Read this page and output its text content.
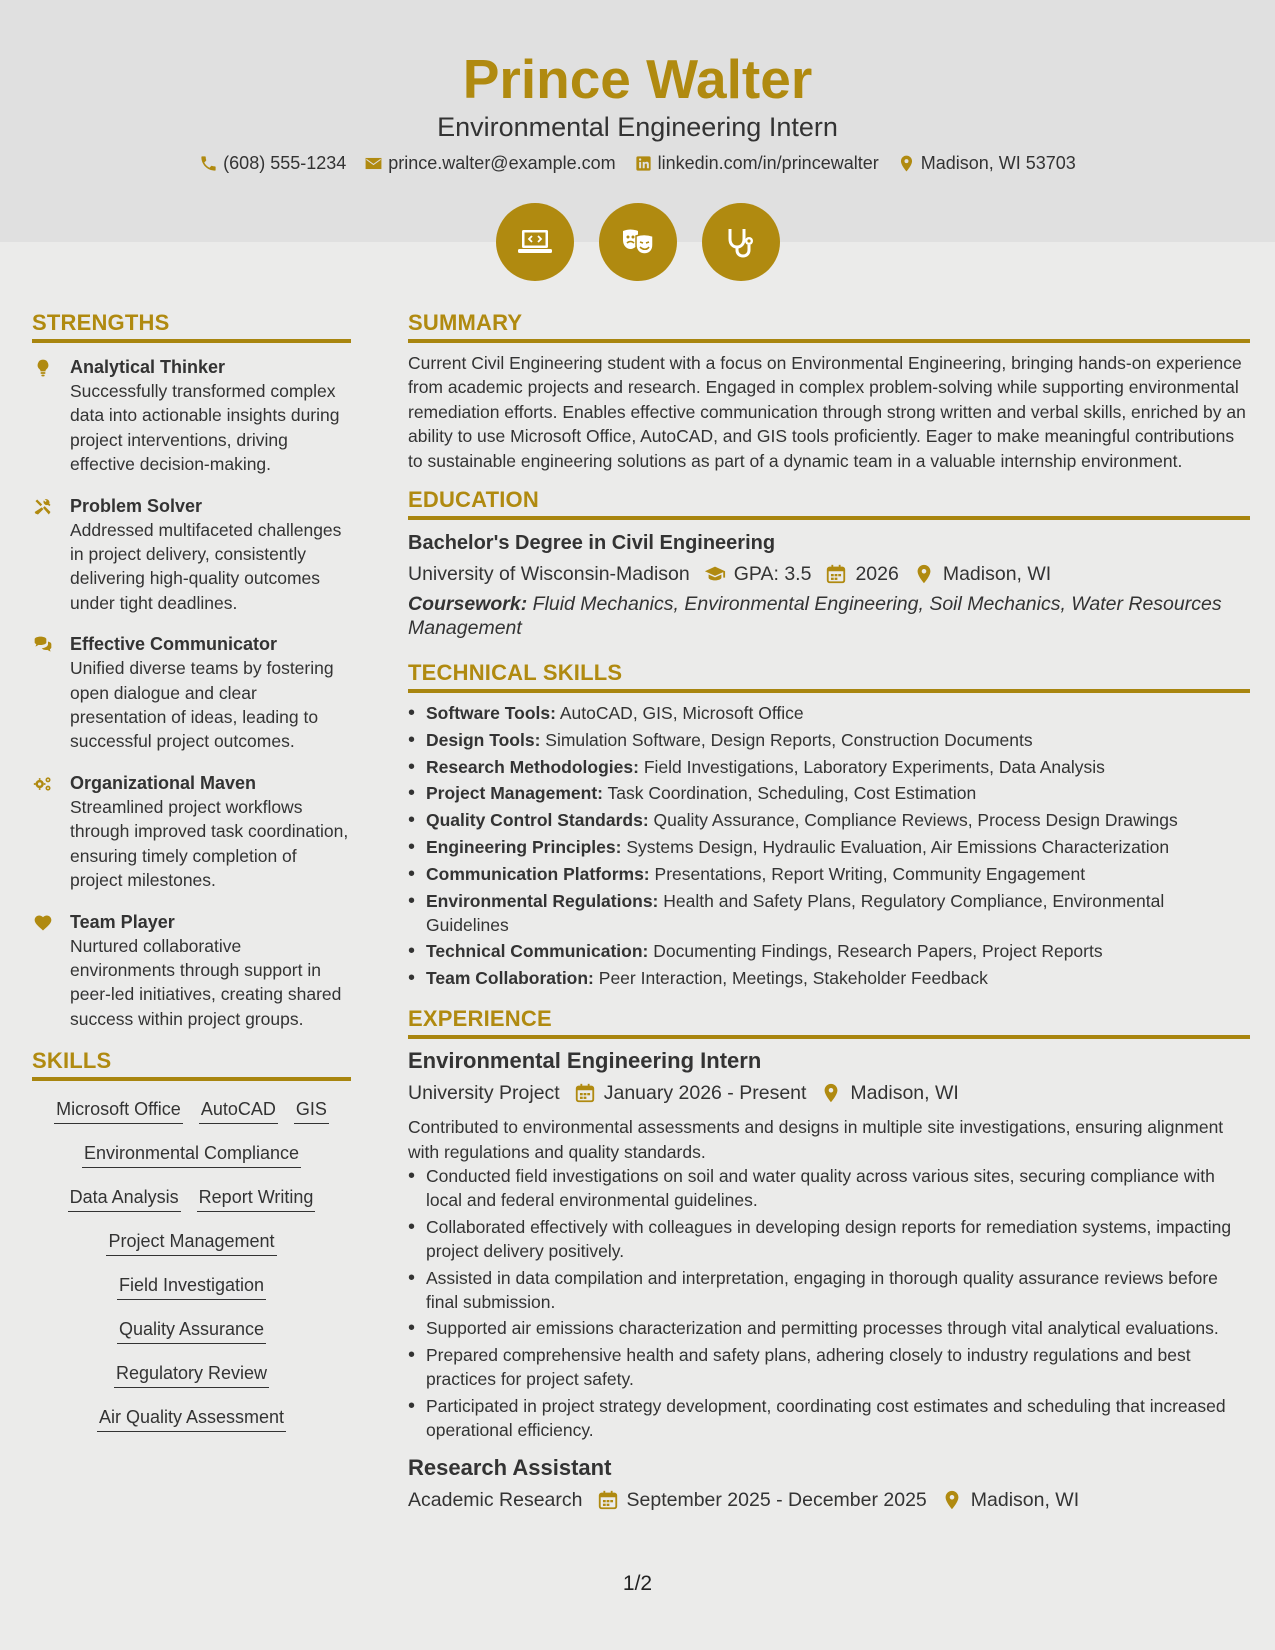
Prince Walter
Environmental Engineering Intern
(608) 555-1234 prince.walter@example.com linkedin.com/in/princewalter Madison, WI 53703
STRENGTHS
Analytical Thinker
Successfully transformed complex data into actionable insights during project interventions, driving effective decision-making.
Problem Solver
Addressed multifaceted challenges in project delivery, consistently delivering high-quality outcomes under tight deadlines.
Effective Communicator
Unified diverse teams by fostering open dialogue and clear presentation of ideas, leading to successful project outcomes.
Organizational Maven
Streamlined project workflows through improved task coordination, ensuring timely completion of project milestones.
Team Player
Nurtured collaborative environments through support in peer-led initiatives, creating shared success within project groups.
SKILLS
Microsoft Office AutoCAD GIS
Environmental Compliance
Data Analysis Report Writing
Project Management
Field Investigation
Quality Assurance
Regulatory Review
Air Quality Assessment
SUMMARY
Current Civil Engineering student with a focus on Environmental Engineering, bringing hands-on experience from academic projects and research. Engaged in complex problem-solving while supporting environmental remediation efforts. Enables effective communication through strong written and verbal skills, enriched by an ability to use Microsoft Office, AutoCAD, and GIS tools proficiently. Eager to make meaningful contributions to sustainable engineering solutions as part of a dynamic team in a valuable internship environment.
EDUCATION
Bachelor's Degree in Civil Engineering
University of Wisconsin-Madison GPA: 3.5 2026 Madison, WI
Coursework: Fluid Mechanics, Environmental Engineering, Soil Mechanics, Water Resources Management
TECHNICAL SKILLS
• Software Tools: AutoCAD, GIS, Microsoft Office
• Design Tools: Simulation Software, Design Reports, Construction Documents
• Research Methodologies: Field Investigations, Laboratory Experiments, Data Analysis
• Project Management: Task Coordination, Scheduling, Cost Estimation
• Quality Control Standards: Quality Assurance, Compliance Reviews, Process Design Drawings
• Engineering Principles: Systems Design, Hydraulic Evaluation, Air Emissions Characterization
• Communication Platforms: Presentations, Report Writing, Community Engagement
• Environmental Regulations: Health and Safety Plans, Regulatory Compliance, Environmental Guidelines
• Technical Communication: Documenting Findings, Research Papers, Project Reports
• Team Collaboration: Peer Interaction, Meetings, Stakeholder Feedback
EXPERIENCE
Environmental Engineering Intern
University Project January 2026 - Present Madison, WI
Contributed to environmental assessments and designs in multiple site investigations, ensuring alignment with regulations and quality standards.
• Conducted field investigations on soil and water quality across various sites, securing compliance with local and federal environmental guidelines.
• Collaborated effectively with colleagues in developing design reports for remediation systems, impacting project delivery positively.
• Assisted in data compilation and interpretation, engaging in thorough quality assurance reviews before final submission.
• Supported air emissions characterization and permitting processes through vital analytical evaluations.
• Prepared comprehensive health and safety plans, adhering closely to industry regulations and best practices for project safety.
• Participated in project strategy development, coordinating cost estimates and scheduling that increased operational efficiency.
Research Assistant
Academic Research September 2025 - December 2025 Madison, WI
1/2
